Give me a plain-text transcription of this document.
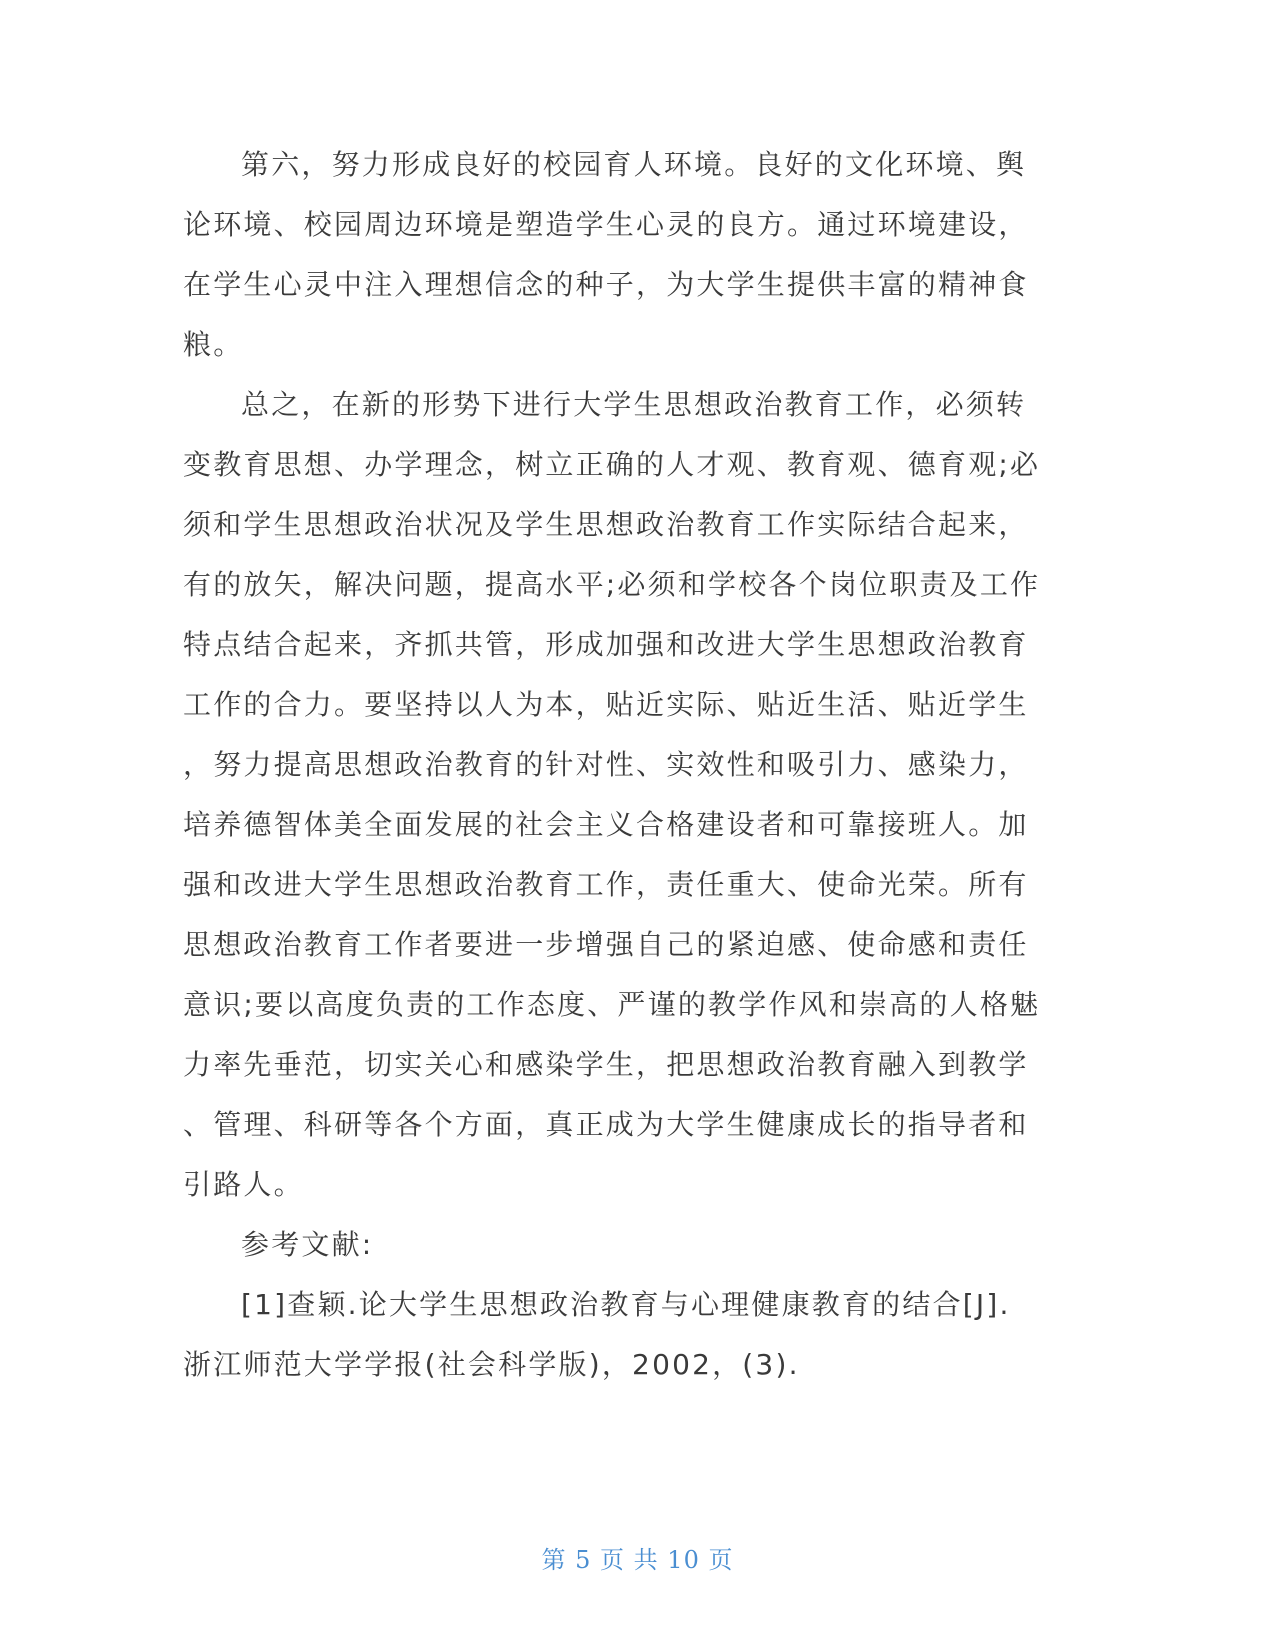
第六，努力形成良好的校园育人环境。良好的文化环境、舆
论环境、校园周边环境是塑造学生心灵的良方。通过环境建设，
在学生心灵中注入理想信念的种子，为大学生提供丰富的精神食
粮。
总之，在新的形势下进行大学生思想政治教育工作，必须转
变教育思想、办学理念，树立正确的人才观、教育观、德育观;必
须和学生思想政治状况及学生思想政治教育工作实际结合起来，
有的放矢，解决问题，提高水平;必须和学校各个岗位职责及工作
特点结合起来，齐抓共管，形成加强和改进大学生思想政治教育
工作的合力。要坚持以人为本，贴近实际、贴近生活、贴近学生
，努力提高思想政治教育的针对性、实效性和吸引力、感染力，
培养德智体美全面发展的社会主义合格建设者和可靠接班人。加
强和改进大学生思想政治教育工作，责任重大、使命光荣。所有
思想政治教育工作者要进一步增强自己的紧迫感、使命感和责任
意识;要以高度负责的工作态度、严谨的教学作风和崇高的人格魅
力率先垂范，切实关心和感染学生，把思想政治教育融入到教学
、管理、科研等各个方面，真正成为大学生健康成长的指导者和
引路人。
参考文献:
[1]查颖.论大学生思想政治教育与心理健康教育的结合[J].
浙江师范大学学报(社会科学版)，2002，(3).
第 5 页 共 10 页
